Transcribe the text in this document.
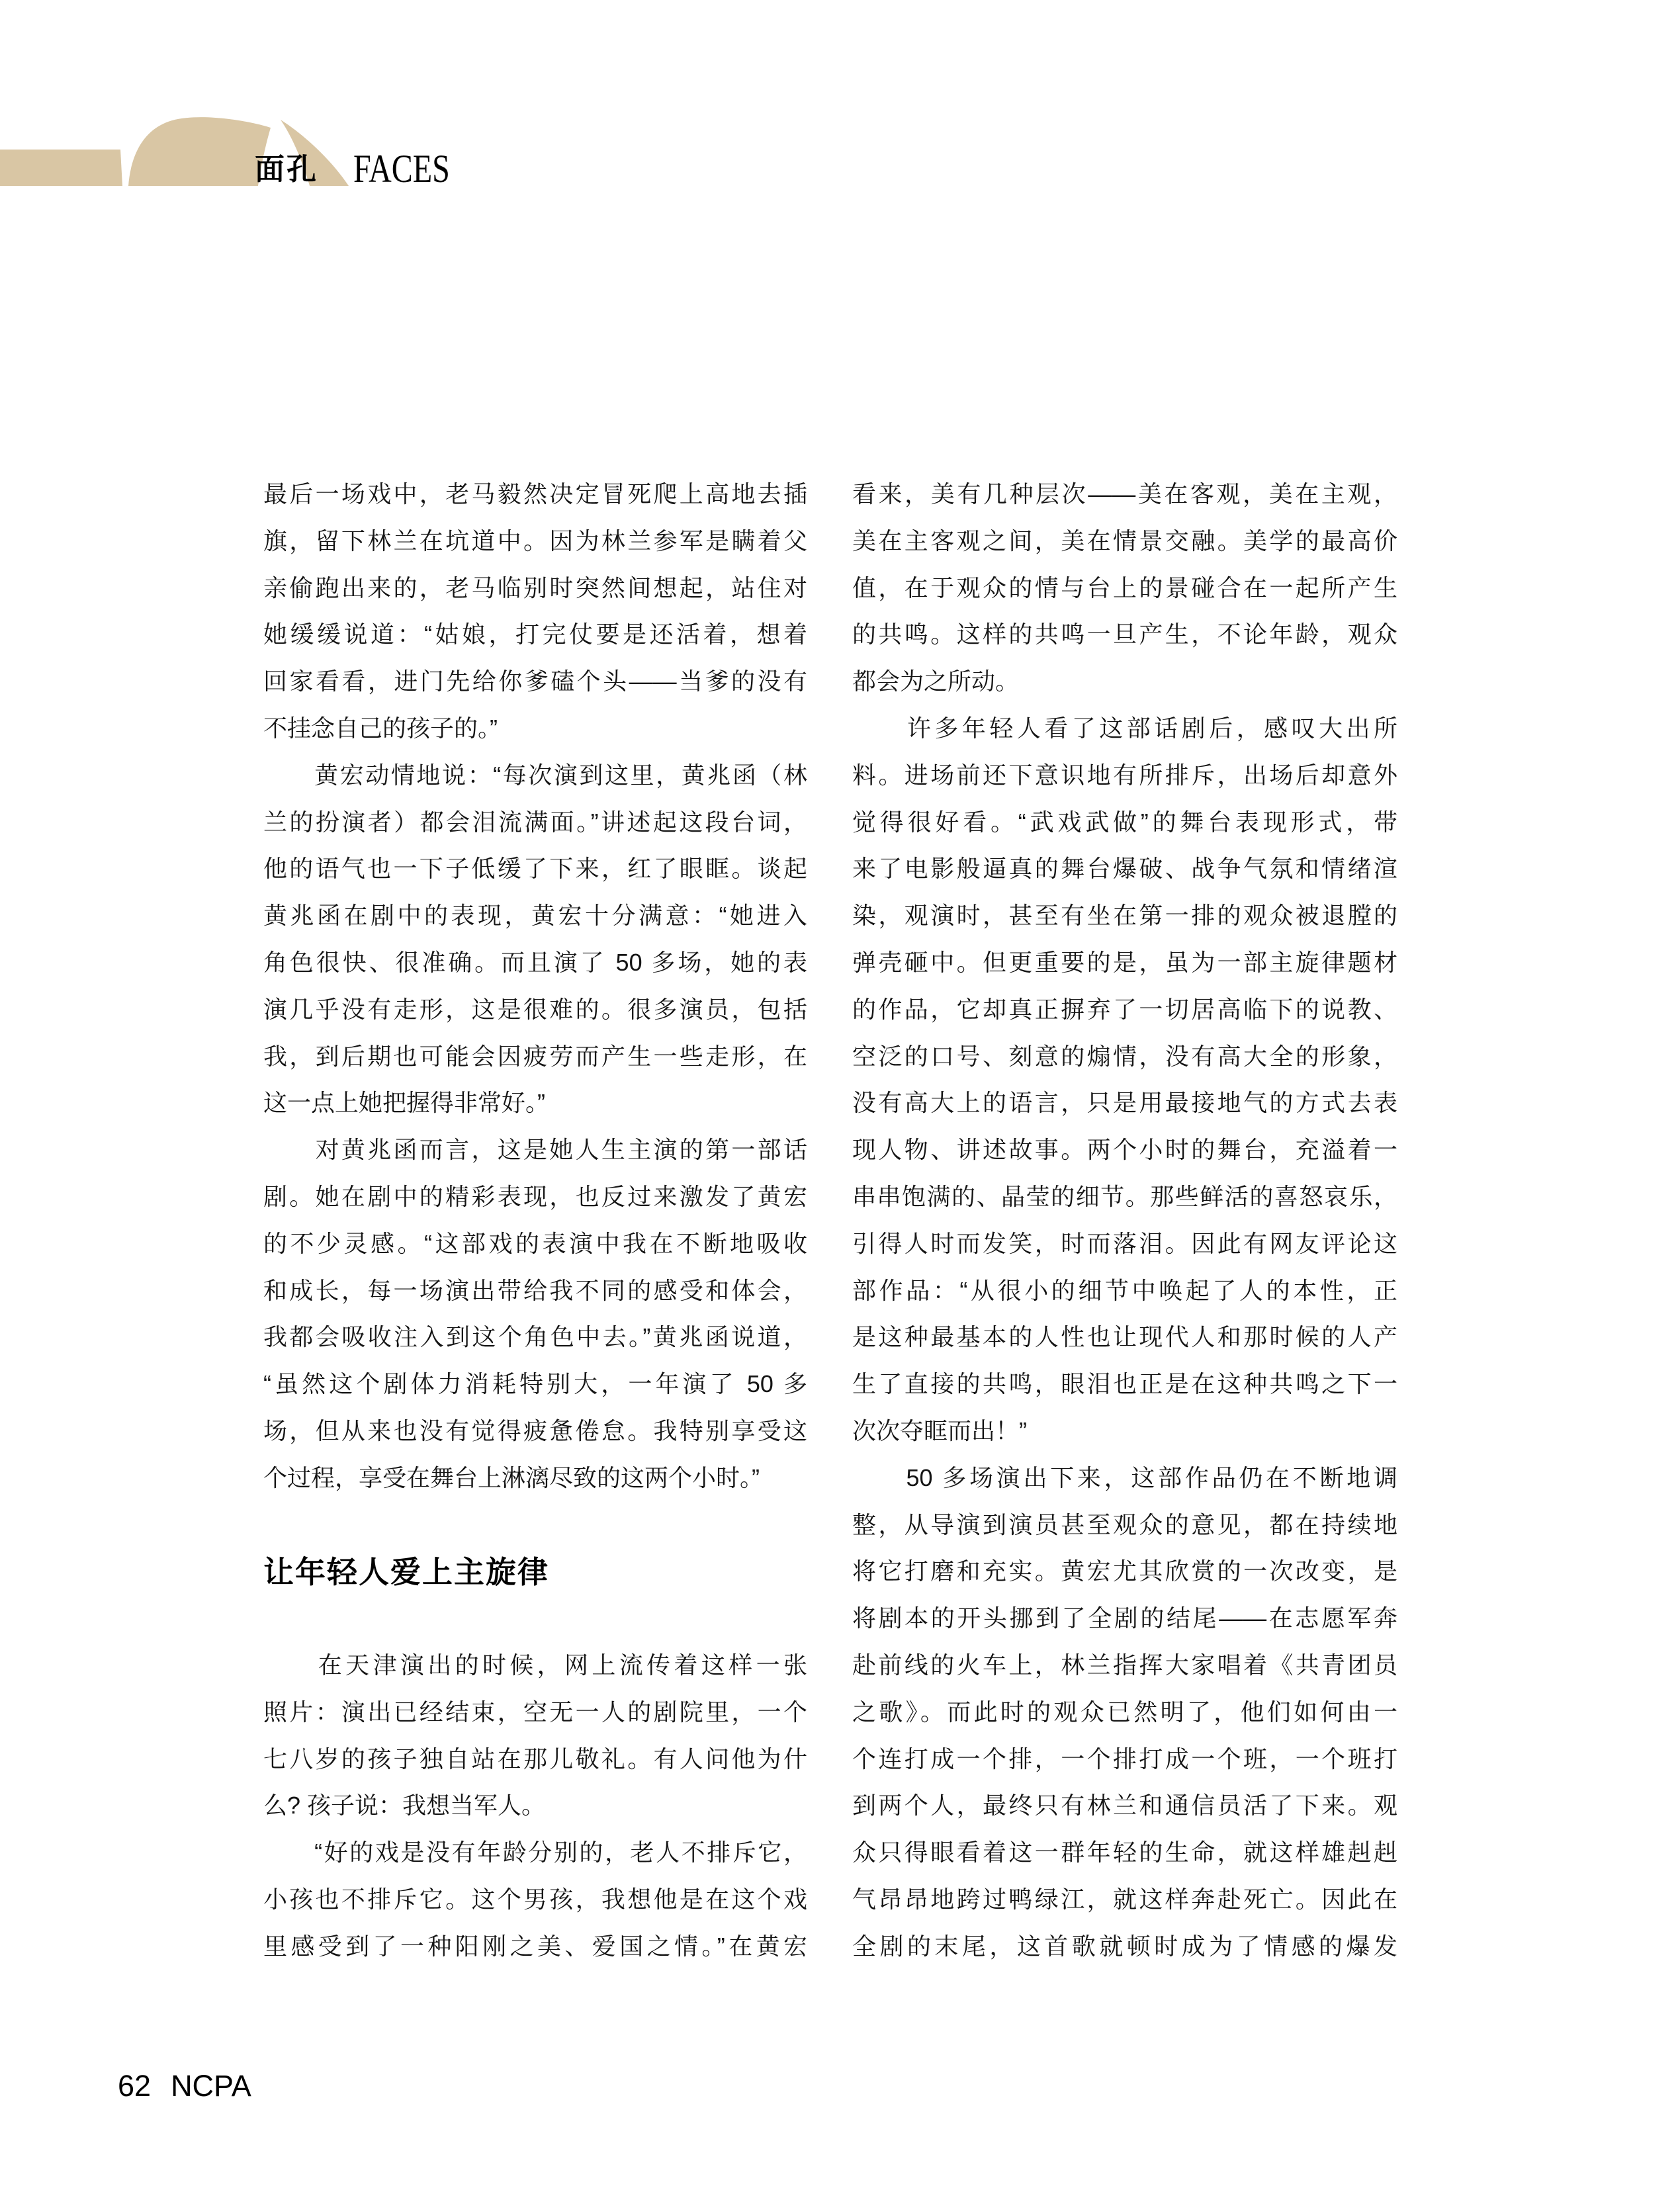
面孔 FACES
最后一场戏中，老马毅然决定冒死爬上高地去插
旗，留下林兰在坑道中。因为林兰参军是瞒着父
亲偷跑出来的，老马临别时突然间想起，站住对
她缓缓说道：“姑娘，打完仗要是还活着，想着
回家看看，进门先给你爹磕个头——当爹的没有
不挂念自己的孩子的。”
　　黄宏动情地说：“每次演到这里，黄兆函（林
兰的扮演者）都会泪流满面。”讲述起这段台词，
他的语气也一下子低缓了下来，红了眼眶。谈起
黄兆函在剧中的表现，黄宏十分满意：“她进入
角色很快、很准确。而且演了 50 多场，她的表
演几乎没有走形，这是很难的。很多演员，包括
我，到后期也可能会因疲劳而产生一些走形，在
这一点上她把握得非常好。”
　　对黄兆函而言，这是她人生主演的第一部话
剧。她在剧中的精彩表现，也反过来激发了黄宏
的不少灵感。“这部戏的表演中我在不断地吸收
和成长，每一场演出带给我不同的感受和体会，
我都会吸收注入到这个角色中去。”黄兆函说道，
“虽然这个剧体力消耗特别大，一年演了 50 多
场，但从来也没有觉得疲惫倦怠。我特别享受这
个过程，享受在舞台上淋漓尽致的这两个小时。”
让年轻人爱上主旋律
　　在天津演出的时候，网上流传着这样一张
照片：演出已经结束，空无一人的剧院里，一个
七八岁的孩子独自站在那儿敬礼。有人问他为什
么? 孩子说：我想当军人。
　　“好的戏是没有年龄分别的，老人不排斥它，
小孩也不排斥它。这个男孩，我想他是在这个戏
里感受到了一种阳刚之美、爱国之情。”在黄宏
看来，美有几种层次——美在客观，美在主观，
美在主客观之间，美在情景交融。美学的最高价
值，在于观众的情与台上的景碰合在一起所产生
的共鸣。这样的共鸣一旦产生，不论年龄，观众
都会为之所动。
　　许多年轻人看了这部话剧后，感叹大出所
料。进场前还下意识地有所排斥，出场后却意外
觉得很好看。“武戏武做”的舞台表现形式，带
来了电影般逼真的舞台爆破、战争气氛和情绪渲
染，观演时，甚至有坐在第一排的观众被退膛的
弹壳砸中。但更重要的是，虽为一部主旋律题材
的作品，它却真正摒弃了一切居高临下的说教、
空泛的口号、刻意的煽情，没有高大全的形象，
没有高大上的语言，只是用最接地气的方式去表
现人物、讲述故事。两个小时的舞台，充溢着一
串串饱满的、晶莹的细节。那些鲜活的喜怒哀乐，
引得人时而发笑，时而落泪。因此有网友评论这
部作品：“从很小的细节中唤起了人的本性，正
是这种最基本的人性也让现代人和那时候的人产
生了直接的共鸣，眼泪也正是在这种共鸣之下一
次次夺眶而出！”
　　50 多场演出下来，这部作品仍在不断地调
整，从导演到演员甚至观众的意见，都在持续地
将它打磨和充实。黄宏尤其欣赏的一次改变，是
将剧本的开头挪到了全剧的结尾——在志愿军奔
赴前线的火车上，林兰指挥大家唱着《共青团员
之歌》。而此时的观众已然明了，他们如何由一
个连打成一个排，一个排打成一个班，一个班打
到两个人，最终只有林兰和通信员活了下来。观
众只得眼看着这一群年轻的生命，就这样雄赳赳
气昂昂地跨过鸭绿江，就这样奔赴死亡。因此在
全剧的末尾，这首歌就顿时成为了情感的爆发
62 NCPA
